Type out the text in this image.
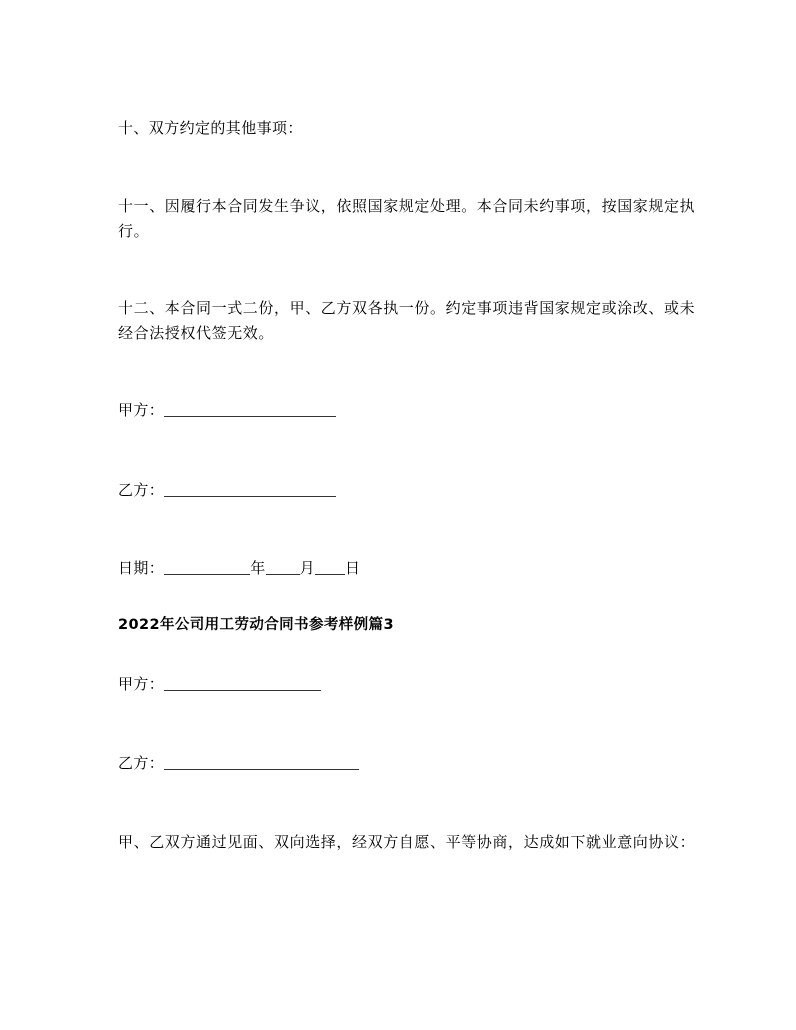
十、双方约定的其他事项：
十一、因履行本合同发生争议，依照国家规定处理。本合同未约事项，按国家规定执行。
十二、本合同一式二份，甲、乙方双各执一份。约定事项违背国家规定或涂改、或未经合法授权代签无效。
甲方：
乙方：
日期：	年 月 日
2022年公司用工劳动合同书参考样例篇3
甲方：
乙方：
甲、乙双方通过见面、双向选择，经双方自愿、平等协商，达成如下就业意向协议：
